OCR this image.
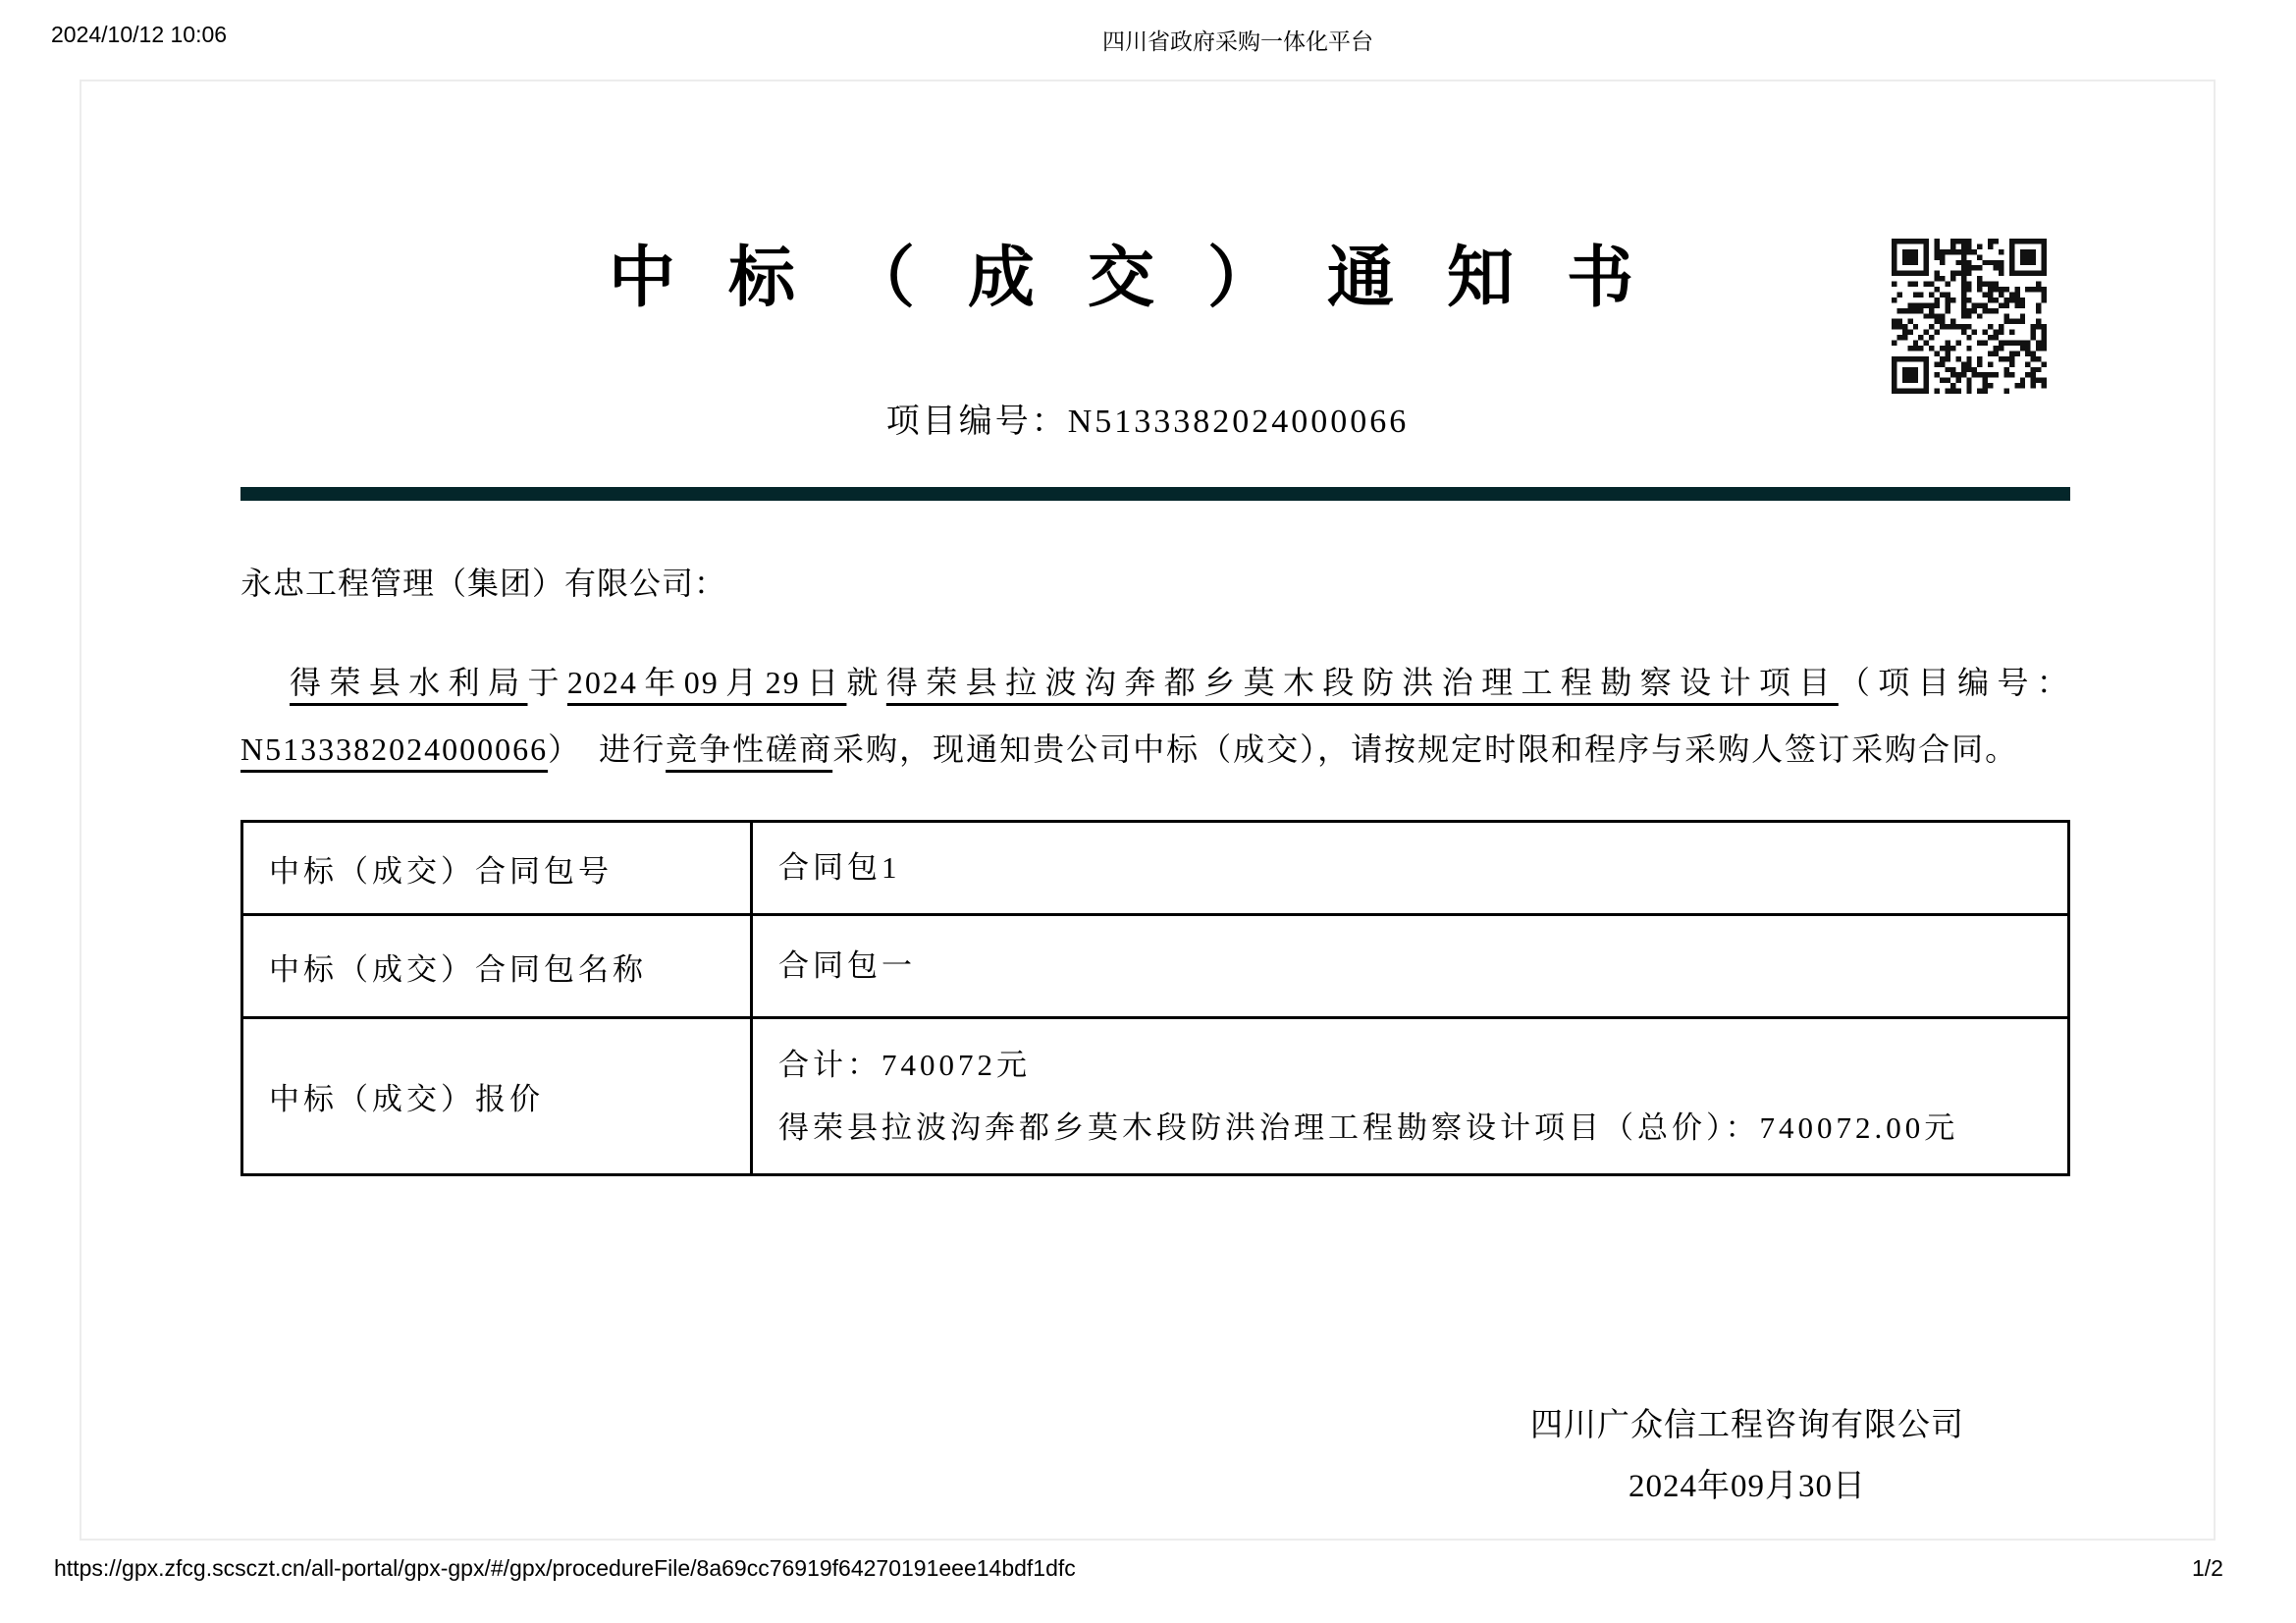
2024/10/12 10:06	四川省政府采购一体化平台
中标（成交）通知书
项目编号：N5133382024000066
永忠工程管理（集团）有限公司：
得荣县水利局于2024年09月29日就得荣县拉波沟奔都乡莫木段防洪治理工程勘察设计项目（项目编号：
N5133382024000066）　进行竞争性磋商采购，现通知贵公司中标（成交），请按规定时限和程序与采购人签订采购合同。
中标（成交）合同包号	合同包1

中标（成交）合同包名称	合同包一

中标（成交）报价	合计：740072元
得荣县拉波沟奔都乡莫木段防洪治理工程勘察设计项目（总价）：740072.00元
四川广众信工程咨询有限公司
2024年09月30日
https://gpx.zfcg.scsczt.cn/all-portal/gpx-gpx/#/gpx/procedureFile/8a69cc76919f64270191eee14bdf1dfc	1/2
